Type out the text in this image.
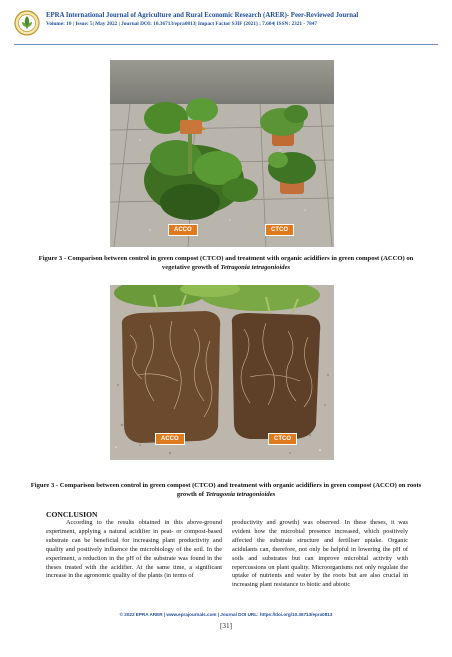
EPRA International Journal of Agriculture and Rural Economic Research (ARER)- Peer-Reviewed Journal
Volume: 10 | Issue: 5| May 2022 | Journal DOI: 10.36713/epra0813| Impact Factor SJIF (2021) : 7.604| ISSN: 2321 - 7847
ACCO	CTCO
Figure 3 - Comparison between control in green compost (CTCO) and treatment with organic acidifiers in green compost (ACCO) on vegetative growth of Tetragonia tetragonioides
ACCO	CTCO
Figure 3 - Comparison between control in green compost (CTCO) and treatment with organic acidifiers in green compost (ACCO) on roots growth of Tetragonia tetragonioides
CONCLUSION
According to the results obtained in this above-ground experiment, applying a natural acidifier in peat- or compost-based substrate can be beneficial for increasing plant productivity and quality and positively influence the microbiology of the soil. In the experiment, a reduction in the pH of the substrate was found in the theses treated with the acidifier. At the same time, a significant increase in the agronomic quality of the plants (in terms of
productivity and growth) was observed. In these theses, it was evident how the microbial presence increased, which positively affected the substrate structure and fertiliser uptake. Organic acidulants can, therefore, not only be helpful in lowering the pH of soils and substrates but can improve microbial activity with repercussions on plant quality. Microorganisms not only regulate the uptake of nutrients and water by the roots but are also crucial in increasing plant resistance to biotic and abiotic
© 2022 EPRA ARER | www.eprajournals.com | Journal DOI URL: https://doi.org/10.36713/epra0813
[31]
